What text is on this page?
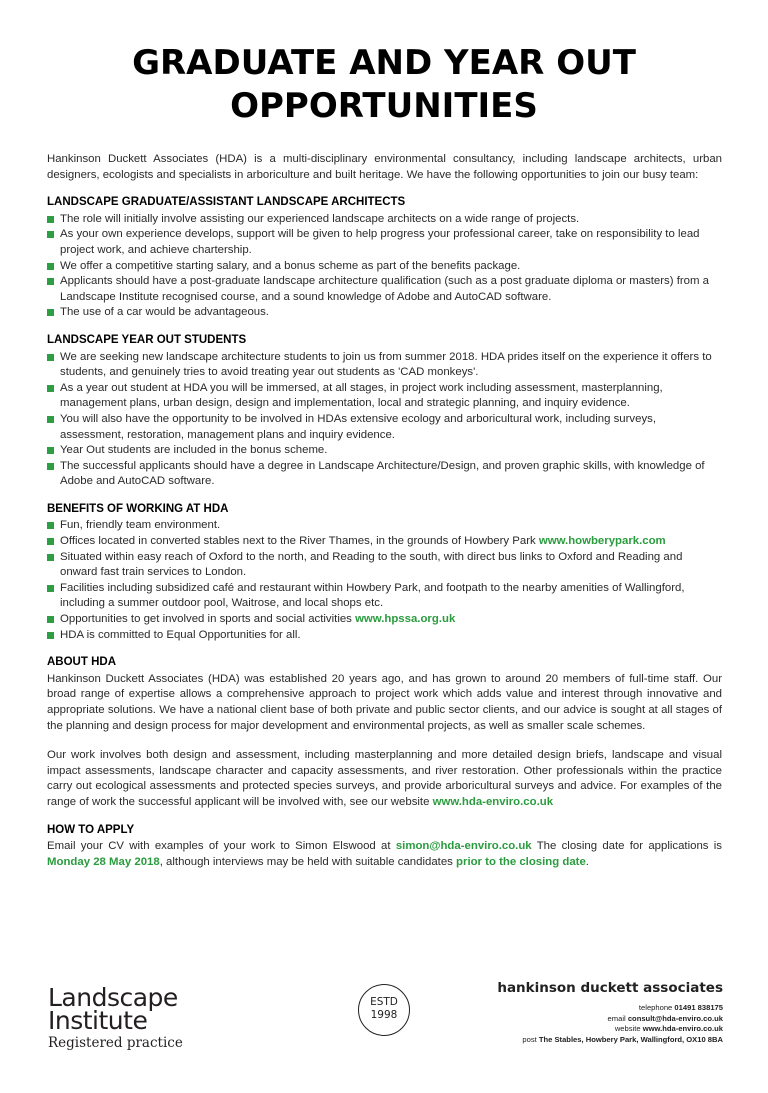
GRADUATE AND YEAR OUT
OPPORTUNITIES

Hankinson Duckett Associates (HDA) is a multi-disciplinary environmental consultancy, including landscape architects, urban designers, ecologists and specialists in arboriculture and built heritage. We have the following opportunities to join our busy team:

LANDSCAPE GRADUATE/ASSISTANT LANDSCAPE ARCHITECTS
The role will initially involve assisting our experienced landscape architects on a wide range of projects.
As your own experience develops, support will be given to help progress your professional career, take on responsibility to lead project work, and achieve chartership.
We offer a competitive starting salary, and a bonus scheme as part of the benefits package.
Applicants should have a post-graduate landscape architecture qualification (such as a post graduate diploma or masters) from a Landscape Institute recognised course, and a sound knowledge of Adobe and AutoCAD software.
The use of a car would be advantageous.
LANDSCAPE YEAR OUT STUDENTS
We are seeking new landscape architecture students to join us from summer 2018. HDA prides itself on the experience it offers to students, and genuinely tries to avoid treating year out students as 'CAD monkeys'.
As a year out student at HDA you will be immersed, at all stages, in project work including assessment, masterplanning, management plans, urban design, design and implementation, local and strategic planning, and inquiry evidence.
You will also have the opportunity to be involved in HDAs extensive ecology and arboricultural work, including surveys, assessment, restoration, management plans and inquiry evidence.
Year Out students are included in the bonus scheme.
The successful applicants should have a degree in Landscape Architecture/Design, and proven graphic skills, with knowledge of Adobe and AutoCAD software.
BENEFITS OF WORKING AT HDA
Fun, friendly team environment.
Offices located in converted stables next to the River Thames, in the grounds of Howbery Park www.howberypark.com
Situated within easy reach of Oxford to the north, and Reading to the south, with direct bus links to Oxford and Reading and onward fast train services to London.
Facilities including subsidized café and restaurant within Howbery Park, and footpath to the nearby amenities of Wallingford, including a summer outdoor pool, Waitrose, and local shops etc.
Opportunities to get involved in sports and social activities www.hpssa.org.uk
HDA is committed to Equal Opportunities for all.
ABOUT HDA

Hankinson Duckett Associates (HDA) was established 20 years ago, and has grown to around 20 members of full-time staff. Our broad range of expertise allows a comprehensive approach to project work which adds value and interest through innovative and appropriate solutions. We have a national client base of both private and public sector clients, and our advice is sought at all stages of the planning and design process for major development and environmental projects, as well as smaller scale schemes.

Our work involves both design and assessment, including masterplanning and more detailed design briefs, landscape and visual impact assessments, landscape character and capacity assessments, and river restoration. Other professionals within the practice carry out ecological assessments and protected species surveys, and provide arboricultural surveys and advice. For examples of the range of work the successful applicant will be involved with, see our website www.hda-enviro.co.uk

HOW TO APPLY

Email your CV with examples of your work to Simon Elswood at simon@hda-enviro.co.uk The closing date for applications is Monday 28 May 2018, although interviews may be held with suitable candidates prior to the closing date.

Landscape
Institute
Registered practice
ESTD
1998
hankinson duckett associates
telephone 01491 838175
email consult@hda-enviro.co.uk
website www.hda-enviro.co.uk
post The Stables, Howbery Park, Wallingford, OX10 8BA
